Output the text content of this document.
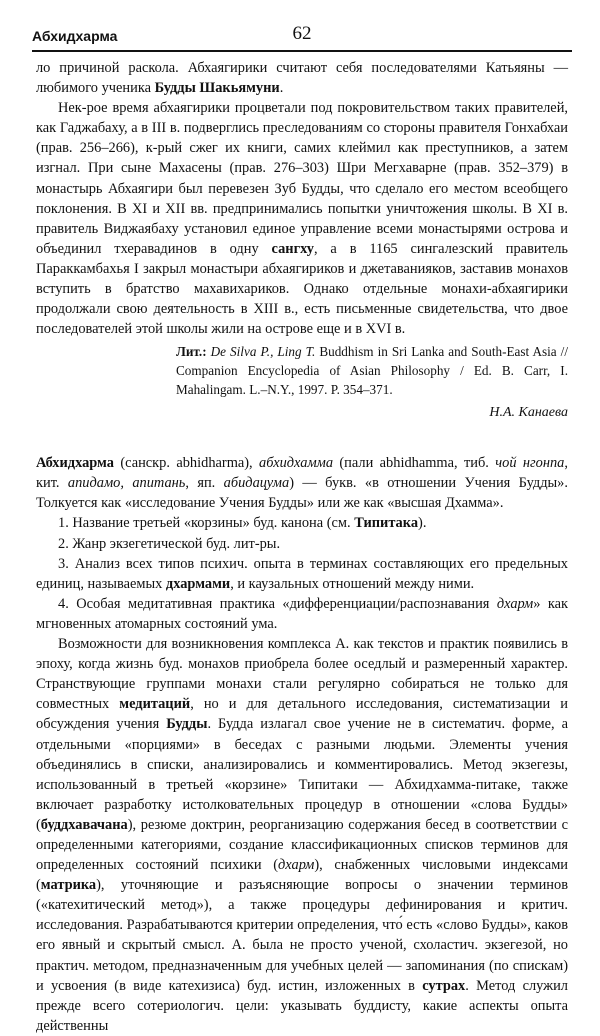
Абхидхарма	62

ло причиной раскола. Абхаягирики считают себя последователями Катьяяны — любимого ученика Будды Шакьямуни.

Нек-рое время абхаягирики процветали под покровительством таких правителей, как Гаджабаху, а в III в. подверглись преследованиям со стороны правителя Гонхабхаи (прав. 256–266), к-рый сжег их книги, самих клеймил как преступников, а затем изгнал. При сыне Махасены (прав. 276–303) Шри Мегхаварне (прав. 352–379) в монастырь Абхаягири был перевезен Зуб Будды, что сделало его местом всеобщего поклонения. В XI и XII вв. предпринимались попытки уничтожения школы. В XI в. правитель Виджаябаху установил единое управление всеми монастырями острова и объединил тхеравадинов в одну сангху, а в 1165 сингалезский правитель Параккамбахья I закрыл монастыри абхаягириков и джетаванияков, заставив монахов вступить в братство махавихариков. Однако отдельные монахи-абхаягирики продолжали свою деятельность в XIII в., есть письменные свидетельства, что двое последователей этой школы жили на острове еще и в XVI в.

Лит.: De Silva P., Ling T. Buddhism in Sri Lanka and South-East Asia // Companion Encyclopedia of Asian Philosophy / Ed. B. Carr, I. Mahalingam. L.–N.Y., 1997. P. 354–371.

Н.А. Канаева

Абхидхарма (санскр. abhidharma), абхидхамма (пали abhidhamma, тиб. чой нгонпа, кит. апидамо, апитань, яп. абидацума) — букв. «в отношении Учения Будды». Толкуется как «исследование Учения Будды» или же как «высшая Дхамма».

1. Название третьей «корзины» буд. канона (см. Типитака).

2. Жанр экзегетической буд. лит-ры.

3. Анализ всех типов психич. опыта в терминах составляющих его предельных единиц, называемых дхармами, и каузальных отношений между ними.

4. Особая медитативная практика «дифференциации/распознавания дхарм» как мгновенных атомарных состояний ума.

Возможности для возникновения комплекса А. как текстов и практик появились в эпоху, когда жизнь буд. монахов приобрела более оседлый и размеренный характер. Странствующие группами монахи стали регулярно собираться не только для совместных медитаций, но и для детального исследования, систематизации и обсуждения учения Будды. Будда излагал свое учение не в систематич. форме, а отдельными «порциями» в беседах с разными людьми. Элементы учения объединялись в списки, анализировались и комментировались. Метод экзегезы, использованный в третьей «корзине» Типитаки — Абхидхамма-питаке, также включает разработку истолковательных процедур в отношении «слова Будды» (буддхавачана), резюме доктрин, реорганизацию содержания бесед в соответствии с определенными категориями, создание классификационных списков терминов для определенных состояний психики (дхарм), снабженных числовыми индексами (матрика), уточняющие и разъясняющие вопросы о значении терминов («катехитический метод»), а также процедуры дефинирования и критич. исследования. Разрабатываются критерии определения, что́ есть «слово Будды», каков его явный и скрытый смысл. А. была не просто ученой, схоластич. экзегезой, но практич. методом, предназначенным для учебных целей — запоминания (по спискам) и усвоения (в виде катехизиса) буд. истин, изложенных в сутрах. Метод служил прежде всего сотериологич. цели: указывать буддисту, какие аспекты опыта действенны
